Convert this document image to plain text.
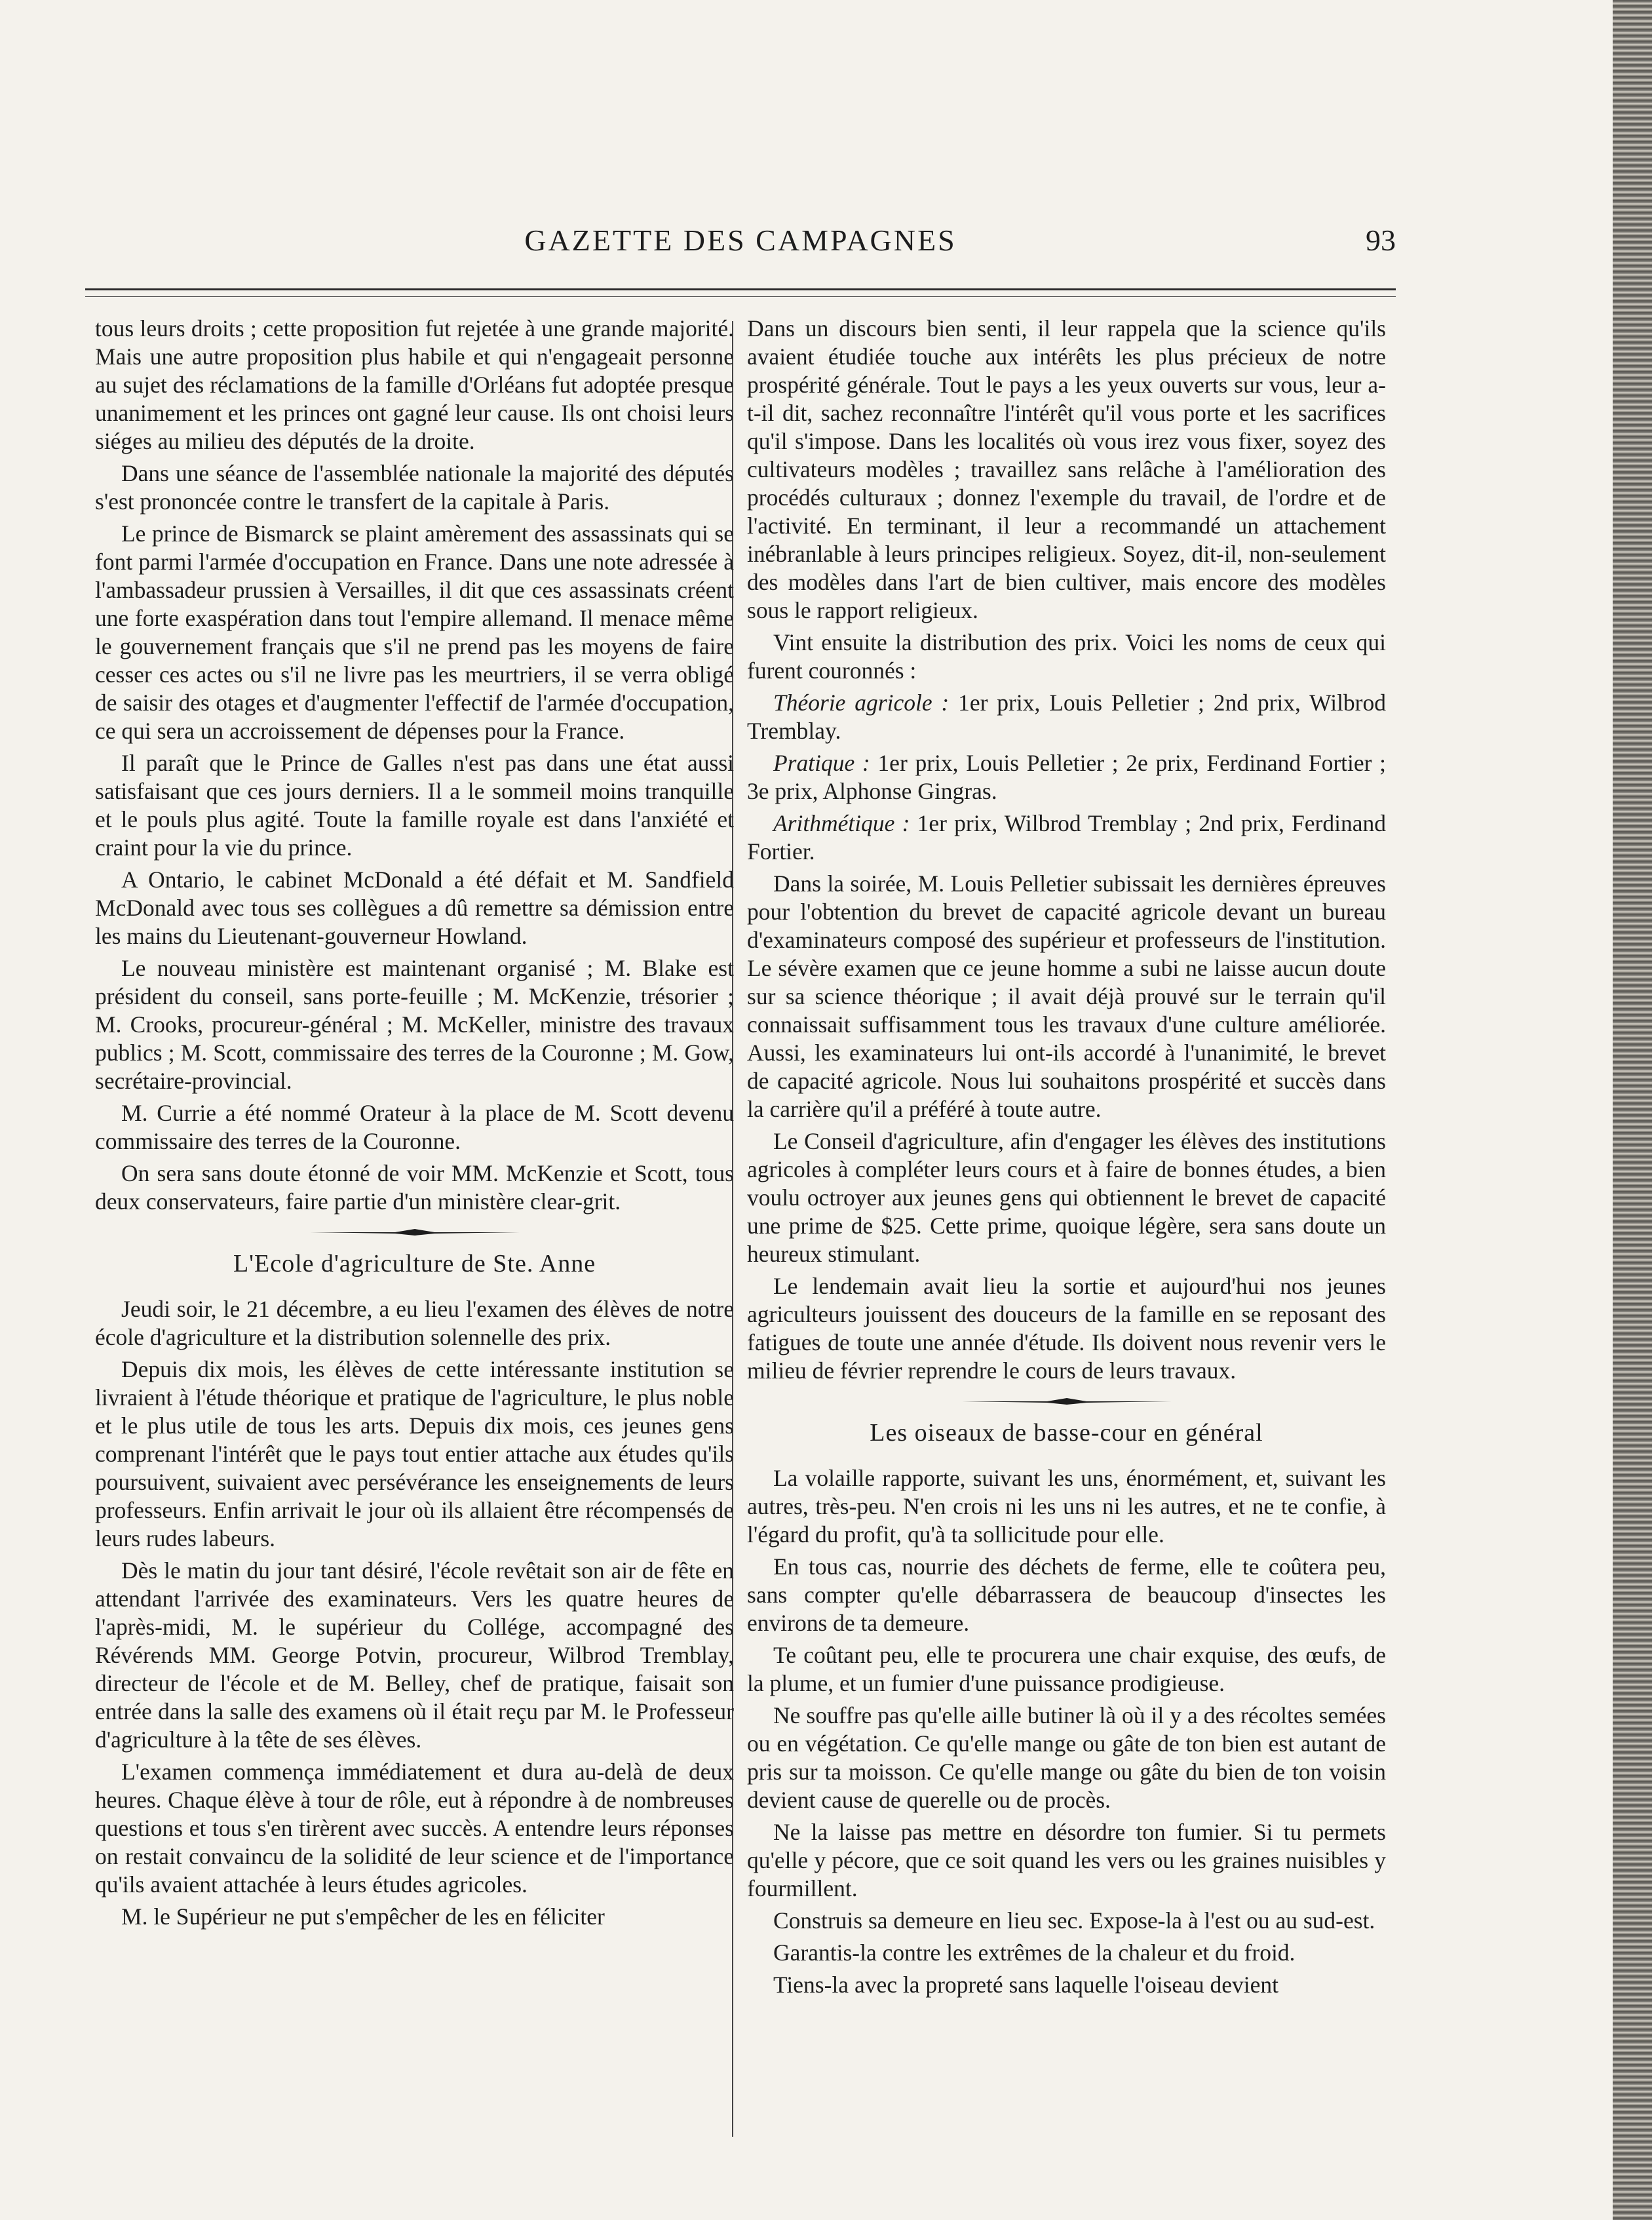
GAZETTE DES CAMPAGNES	93

tous leurs droits ; cette proposition fut rejetée à une grande majorité. Mais une autre proposition plus habile et qui n'engageait personne au sujet des réclamations de la famille d'Orléans fut adoptée presque unanimement et les princes ont gagné leur cause. Ils ont choisi leurs siéges au milieu des députés de la droite.

Dans une séance de l'assemblée nationale la majorité des députés s'est prononcée contre le transfert de la capitale à Paris.

Le prince de Bismarck se plaint amèrement des assassinats qui se font parmi l'armée d'occupation en France. Dans une note adressée à l'ambassadeur prussien à Versailles, il dit que ces assassinats créent une forte exaspération dans tout l'empire allemand. Il menace même le gouvernement français que s'il ne prend pas les moyens de faire cesser ces actes ou s'il ne livre pas les meurtriers, il se verra obligé de saisir des otages et d'augmenter l'effectif de l'armée d'occupation, ce qui sera un accroissement de dépenses pour la France.

Il paraît que le Prince de Galles n'est pas dans une état aussi satisfaisant que ces jours derniers. Il a le sommeil moins tranquille et le pouls plus agité. Toute la famille royale est dans l'anxiété et craint pour la vie du prince.

A Ontario, le cabinet McDonald a été défait et M. Sandfield McDonald avec tous ses collègues a dû remettre sa démission entre les mains du Lieutenant-gouverneur Howland.

Le nouveau ministère est maintenant organisé ; M. Blake est président du conseil, sans porte-feuille ; M. McKenzie, trésorier ; M. Crooks, procureur-général ; M. McKeller, ministre des travaux publics ; M. Scott, commissaire des terres de la Couronne ; M. Gow, secrétaire-provincial.

M. Currie a été nommé Orateur à la place de M. Scott devenu commissaire des terres de la Couronne.

On sera sans doute étonné de voir MM. McKenzie et Scott, tous deux conservateurs, faire partie d'un ministère clear-grit.

L'Ecole d'agriculture de Ste. Anne

Jeudi soir, le 21 décembre, a eu lieu l'examen des élèves de notre école d'agriculture et la distribution solennelle des prix.

Depuis dix mois, les élèves de cette intéressante institution se livraient à l'étude théorique et pratique de l'agriculture, le plus noble et le plus utile de tous les arts. Depuis dix mois, ces jeunes gens comprenant l'intérêt que le pays tout entier attache aux études qu'ils poursuivent, suivaient avec persévérance les enseignements de leurs professeurs. Enfin arrivait le jour où ils allaient être récompensés de leurs rudes labeurs.

Dès le matin du jour tant désiré, l'école revêtait son air de fête en attendant l'arrivée des examinateurs. Vers les quatre heures de l'après-midi, M. le supérieur du Collége, accompagné des Révérends MM. George Potvin, procureur, Wilbrod Tremblay, directeur de l'école et de M. Belley, chef de pratique, faisait son entrée dans la salle des examens où il était reçu par M. le Professeur d'agriculture à la tête de ses élèves.

L'examen commença immédiatement et dura au-delà de deux heures. Chaque élève à tour de rôle, eut à répondre à de nombreuses questions et tous s'en tirèrent avec succès. A entendre leurs réponses on restait convaincu de la solidité de leur science et de l'importance qu'ils avaient attachée à leurs études agricoles.

M. le Supérieur ne put s'empêcher de les en féliciter

Dans un discours bien senti, il leur rappela que la science qu'ils avaient étudiée touche aux intérêts les plus précieux de notre prospérité générale. Tout le pays a les yeux ouverts sur vous, leur a-t-il dit, sachez reconnaître l'intérêt qu'il vous porte et les sacrifices qu'il s'impose. Dans les localités où vous irez vous fixer, soyez des cultivateurs modèles ; travaillez sans relâche à l'amélioration des procédés culturaux ; donnez l'exemple du travail, de l'ordre et de l'activité. En terminant, il leur a recommandé un attachement inébranlable à leurs principes religieux. Soyez, dit-il, non-seulement des modèles dans l'art de bien cultiver, mais encore des modèles sous le rapport religieux.

Vint ensuite la distribution des prix. Voici les noms de ceux qui furent couronnés :

Théorie agricole : 1er prix, Louis Pelletier ; 2nd prix, Wilbrod Tremblay.

Pratique : 1er prix, Louis Pelletier ; 2e prix, Ferdinand Fortier ; 3e prix, Alphonse Gingras.

Arithmétique : 1er prix, Wilbrod Tremblay ; 2nd prix, Ferdinand Fortier.

Dans la soirée, M. Louis Pelletier subissait les dernières épreuves pour l'obtention du brevet de capacité agricole devant un bureau d'examinateurs composé des supérieur et professeurs de l'institution. Le sévère examen que ce jeune homme a subi ne laisse aucun doute sur sa science théorique ; il avait déjà prouvé sur le terrain qu'il connaissait suffisamment tous les travaux d'une culture améliorée. Aussi, les examinateurs lui ont-ils accordé à l'unanimité, le brevet de capacité agricole. Nous lui souhaitons prospérité et succès dans la carrière qu'il a préféré à toute autre.

Le Conseil d'agriculture, afin d'engager les élèves des institutions agricoles à compléter leurs cours et à faire de bonnes études, a bien voulu octroyer aux jeunes gens qui obtiennent le brevet de capacité une prime de $25. Cette prime, quoique légère, sera sans doute un heureux stimulant.

Le lendemain avait lieu la sortie et aujourd'hui nos jeunes agriculteurs jouissent des douceurs de la famille en se reposant des fatigues de toute une année d'étude. Ils doivent nous revenir vers le milieu de février reprendre le cours de leurs travaux.

Les oiseaux de basse-cour en général

La volaille rapporte, suivant les uns, énormément, et, suivant les autres, très-peu. N'en crois ni les uns ni les autres, et ne te confie, à l'égard du profit, qu'à ta sollicitude pour elle.

En tous cas, nourrie des déchets de ferme, elle te coûtera peu, sans compter qu'elle débarrassera de beaucoup d'insectes les environs de ta demeure.

Te coûtant peu, elle te procurera une chair exquise, des œufs, de la plume, et un fumier d'une puissance prodigieuse.

Ne souffre pas qu'elle aille butiner là où il y a des récoltes semées ou en végétation. Ce qu'elle mange ou gâte de ton bien est autant de pris sur ta moisson. Ce qu'elle mange ou gâte du bien de ton voisin devient cause de querelle ou de procès.

Ne la laisse pas mettre en désordre ton fumier. Si tu permets qu'elle y pécore, que ce soit quand les vers ou les graines nuisibles y fourmillent.

Construis sa demeure en lieu sec. Expose-la à l'est ou au sud-est.

Garantis-la contre les extrêmes de la chaleur et du froid.

Tiens-la avec la propreté sans laquelle l'oiseau devient
